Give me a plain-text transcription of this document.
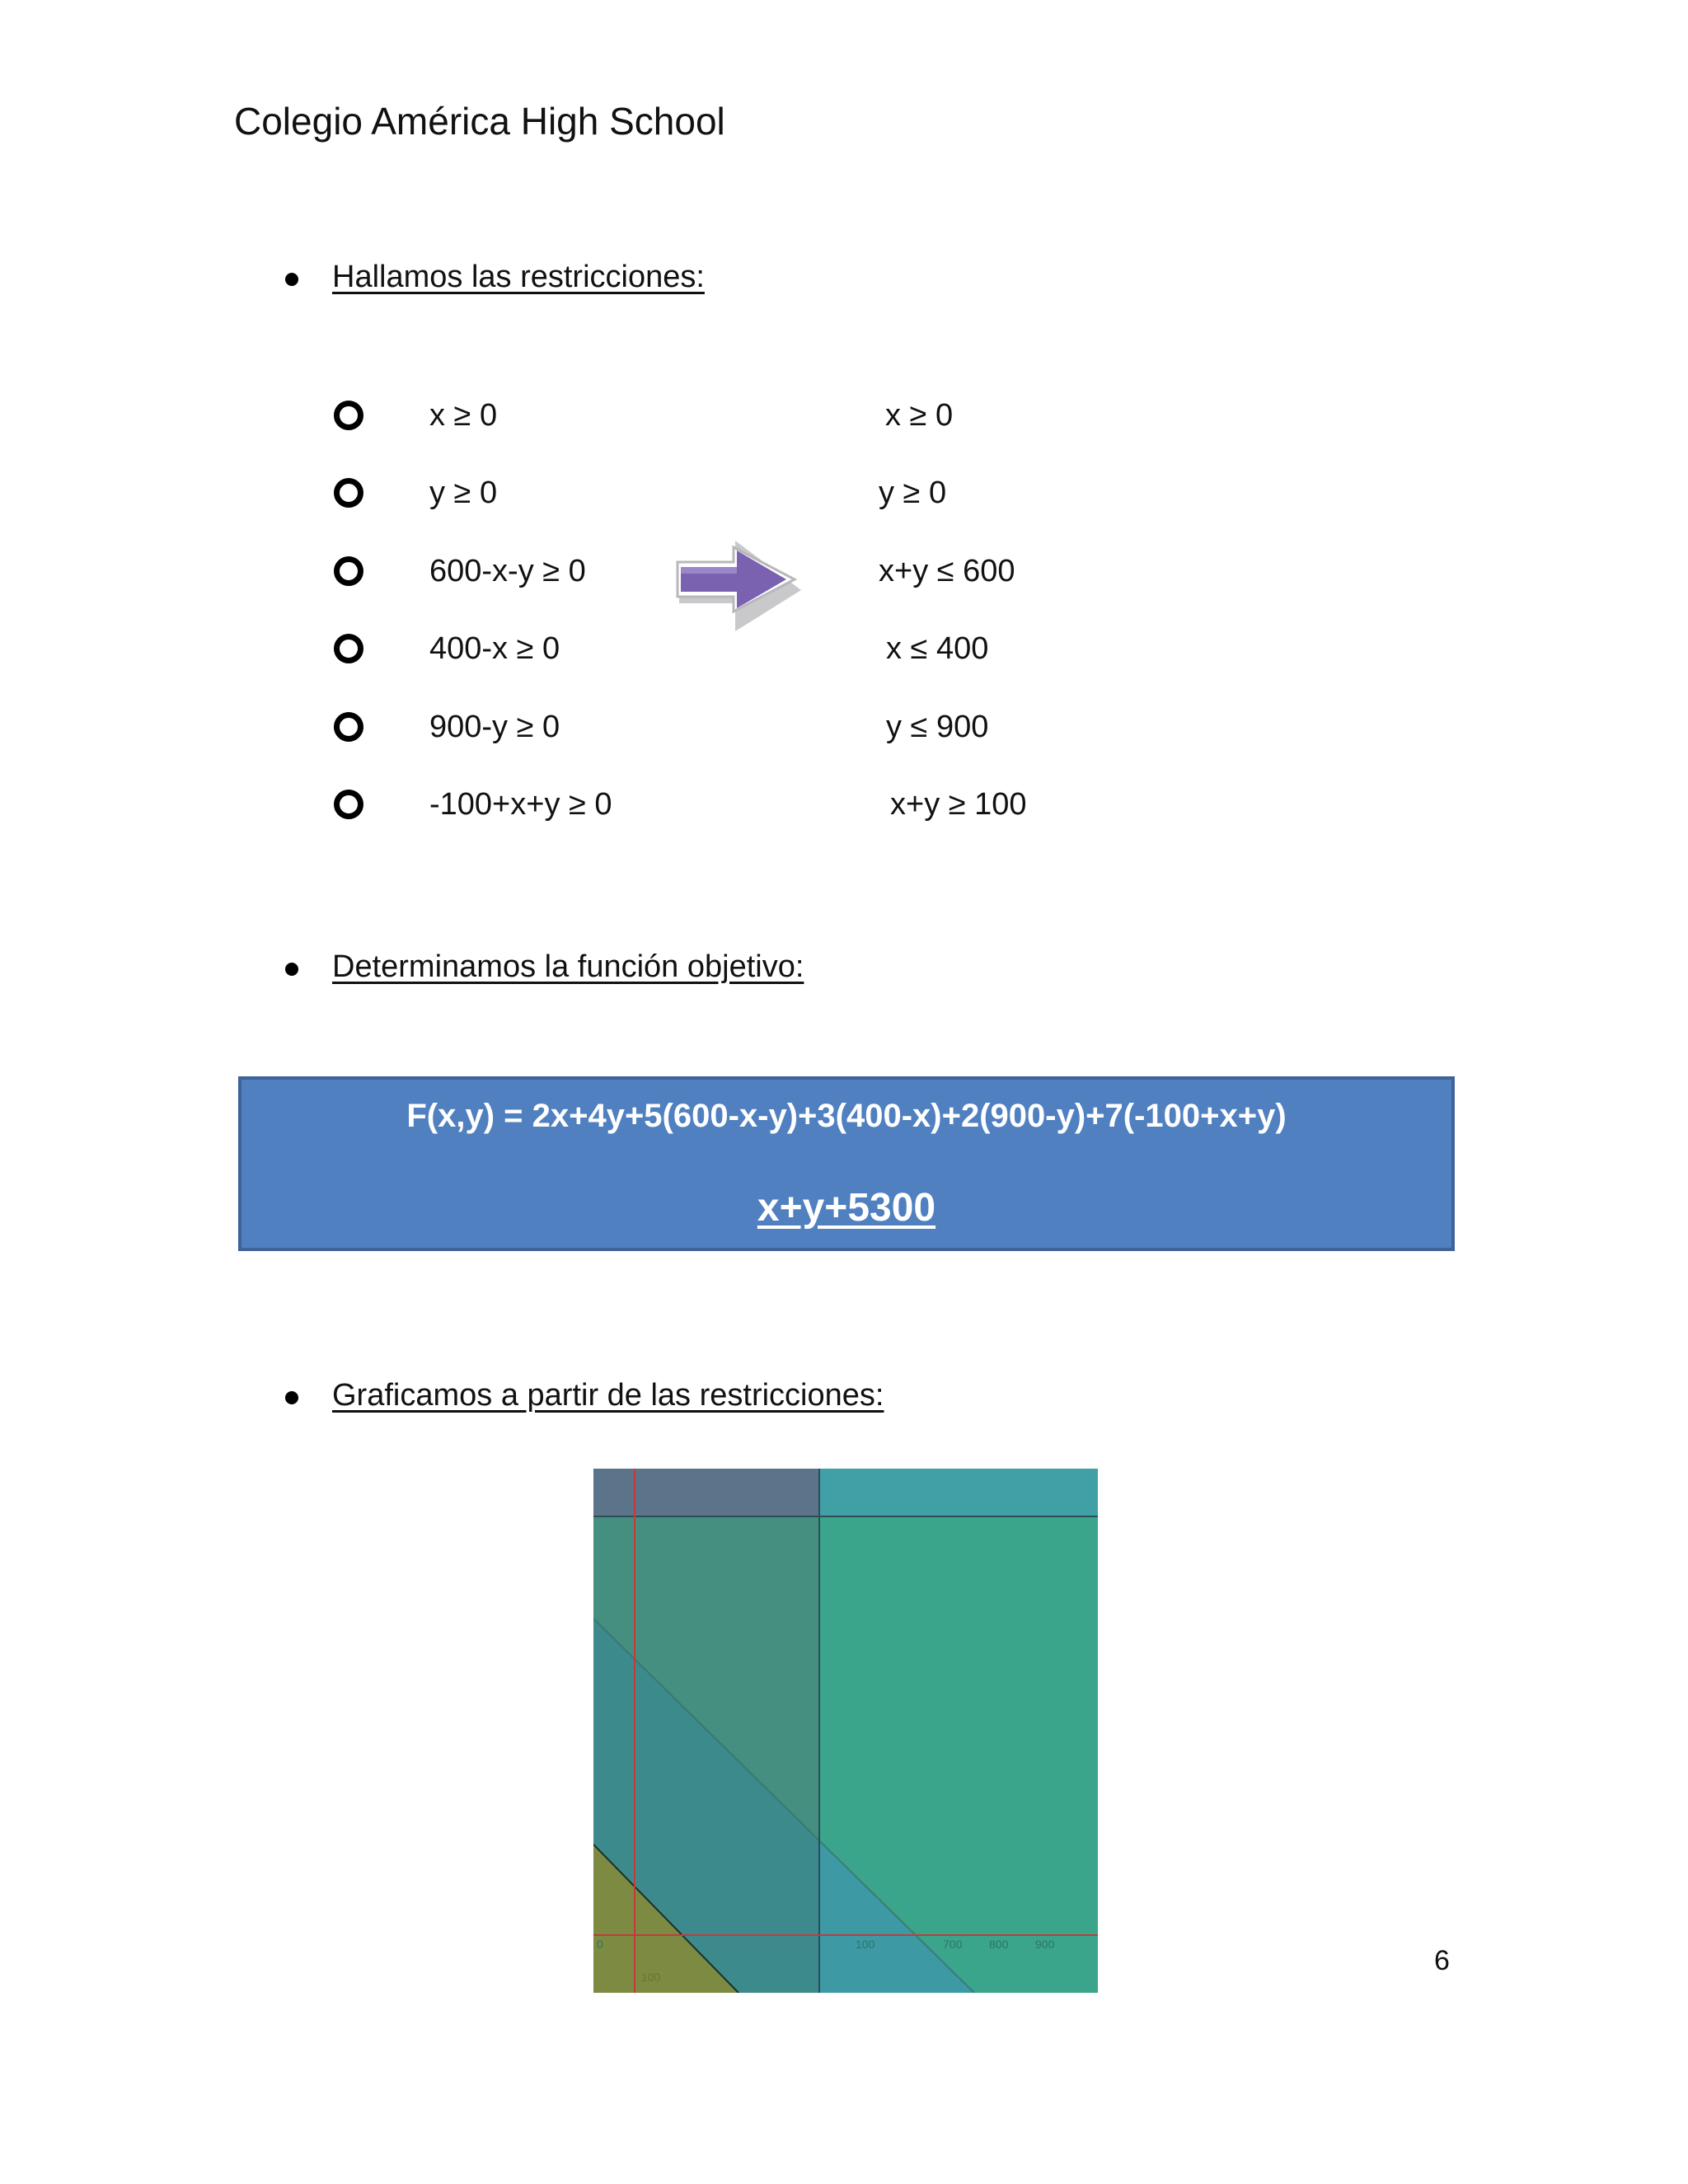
Colegio América High School
Hallamos las restricciones:
x ≥ 0	x ≥ 0
y ≥ 0	y ≥ 0
600-x-y ≥ 0	x+y ≤ 600
400-x ≥ 0	x ≤ 400
900-y ≥ 0	y ≤ 900
-100+x+y ≥ 0	x+y ≥ 100
Determinamos la función objetivo:
F(x,y) = 2x+4y+5(600-x-y)+3(400-x)+2(900-y)+7(-100+x+y)
x+y+5300
Graficamos a partir de las restricciones:
0	100	700 800 900
100
6
